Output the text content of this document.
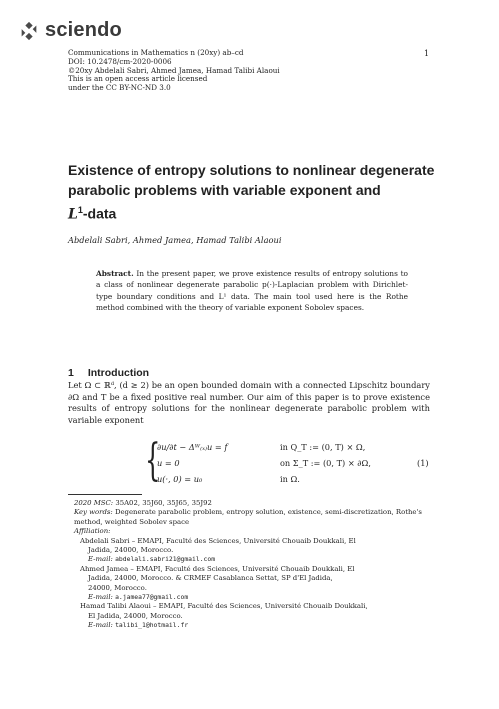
sciendo
Communications in Mathematics n (20xy) ab–cd
DOI: 10.2478/cm-2020-0006
©20xy Abdelali Sabri, Ahmed Jamea, Hamad Talibi Alaoui
This is an open access article licensed
under the CC BY-NC-ND 3.0
1
Existence of entropy solutions to nonlinear degenerate
parabolic problems with variable exponent and
$L^1$-data
Abdelali Sabri, Ahmed Jamea, Hamad Talibi Alaoui
Abstract. In the present paper, we prove existence results of entropy solutions to a class of nonlinear degenerate parabolic p(·)-Laplacian problem with Dirichlet-type boundary conditions and L¹ data. The main tool used here is the Rothe method combined with the theory of variable exponent Sobolev spaces.
1 Introduction
Let Ω ⊂ ℝᵈ, (d ≥ 2) be an open bounded domain with a connected Lipschitz boundary ∂Ω and T be a fixed positive real number. Our aim of this paper is to prove existence results of entropy solutions for the nonlinear degenerate parabolic problem with variable exponent
{
∂u/∂t − Δᵂ₍ₓ₎u = f	in Q_T := (0, T) × Ω,
u = 0	on Σ_T := (0, T) × ∂Ω,
u(·, 0) = u₀	in Ω.
(1)
2020 MSC: 35A02, 35J60, 35J65, 35J92
Key words: Degenerate parabolic problem, entropy solution, existence, semi-discretization, Rothe's method, weighted Sobolev space
Affiliation:
Abdelali Sabri – EMAPI, Faculté des Sciences, Université Chouaib Doukkali, El
Jadida, 24000, Morocco.
E-mail: abdelali.sabri21@gmail.com
Ahmed Jamea – EMAPI, Faculté des Sciences, Université Chouaib Doukkali, El
Jadida, 24000, Morocco. & CRMEF Casablanca Settat, SP d'El Jadida,
24000, Morocco.
E-mail: a.jamea77@gmail.com
Hamad Talibi Alaoui – EMAPI, Faculté des Sciences, Université Chouaib Doukkali,
El Jadida, 24000, Morocco.
E-mail: talibi_1@hotmail.fr
